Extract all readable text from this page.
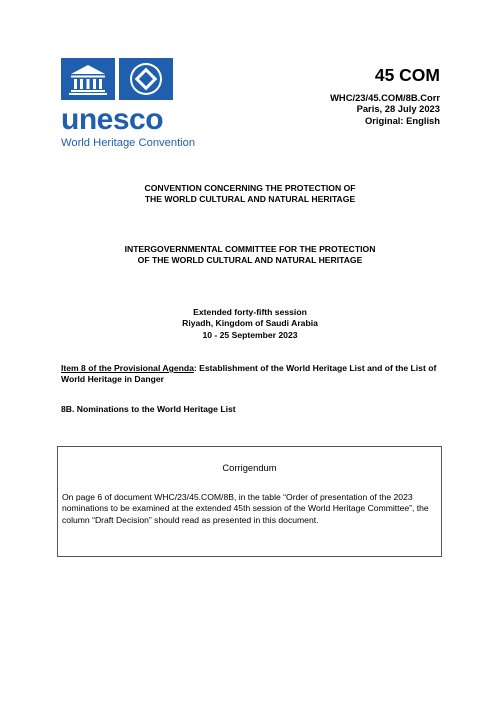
unesco
World Heritage Convention
45 COM
WHC/23/45.COM/8B.Corr
Paris, 28 July 2023
Original: English
CONVENTION CONCERNING THE PROTECTION OF
THE WORLD CULTURAL AND NATURAL HERITAGE
INTERGOVERNMENTAL COMMITTEE FOR THE PROTECTION
OF THE WORLD CULTURAL AND NATURAL HERITAGE
Extended forty-fifth session
Riyadh, Kingdom of Saudi Arabia
10 - 25 September 2023
Item 8 of the Provisional Agenda: Establishment of the World Heritage List and of the List of World Heritage in Danger
8B. Nominations to the World Heritage List
Corrigendum
On page 6 of document WHC/23/45.COM/8B, in the table “Order of presentation of the 2023 nominations to be examined at the extended 45th session of the World Heritage Committee”, the column “Draft Decision” should read as presented in this document.
